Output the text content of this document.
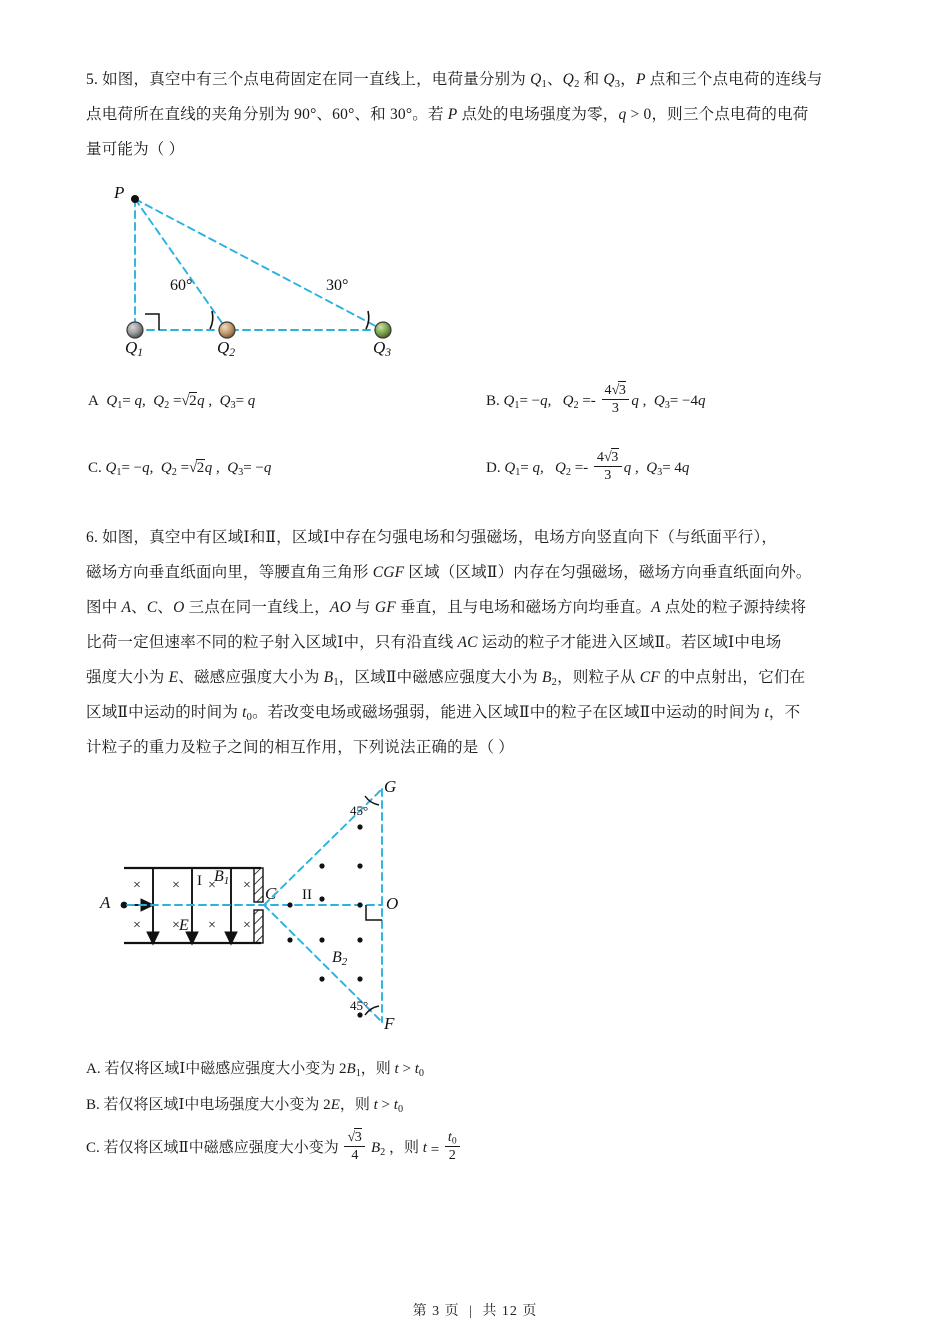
5. 如图，真空中有三个点电荷固定在同一直线上，电荷量分别为 $Q_1$、$Q_2$ 和 $Q_3$，P 点和三个点电荷的连线与
点电荷所在直线的夹角分别为 90°、60°、和 30°。若 P 点处的电场强度为零，q > 0，则三个点电荷的电荷
量可能为（ ）
P
60°	30°
$Q_1$	$Q_2$	$Q_3$
A  $Q_1= q$,  $Q_2 =√2q$ ,  $Q_3= q$	B. $Q_1= -q$,   $Q_2 =- \frac{4√3}{3}$ q ,  $Q_3= -4q$
C. $Q_1= -q$,  $Q_2 =√2q$ ,  $Q_3= -q$	D. $Q_1= q$,   $Q_2 =- \frac{4√3}{3}$ q ,  $Q_3= 4q$
6. 如图，真空中有区域Ⅰ和Ⅱ，区域Ⅰ中存在匀强电场和匀强磁场，电场方向竖直向下（与纸面平行），
磁场方向垂直纸面向里，等腰直角三角形 CGF 区域（区域Ⅱ）内存在匀强磁场，磁场方向垂直纸面向外。
图中 A、C、O 三点在同一直线上，AO 与 GF 垂直，且与电场和磁场方向均垂直。A 点处的粒子源持续将
比荷一定但速率不同的粒子射入区域Ⅰ中，只有沿直线 AC 运动的粒子才能进入区域Ⅱ。若区域Ⅰ中电场
强度大小为 E、磁感应强度大小为 $B_1$，区域Ⅱ中磁感应强度大小为 $B_2$，则粒子从 CF 的中点射出，它们在
区域Ⅱ中运动的时间为 $t_0$。若改变电场或磁场强弱，能进入区域Ⅱ中的粒子在区域Ⅱ中运动的时间为 t，不
计粒子的重力及粒子之间的相互作用，下列说法正确的是（ ）
× × × ×
× × × ×
A
I $B_1$
E
C II
G
O
F
45°
45°
$B_2$
A. 若仅将区域Ⅰ中磁感应强度大小变为 $2B_1$，则 $t > t_0$
B. 若仅将区域Ⅰ中电场强度大小变为 2E，则 $t > t_0$
C. 若仅将区域Ⅱ中磁感应强度大小变为 $\frac{√3}{4} B_2$ ，则 $t = \frac{t_0}{2}$
第 3 页 | 共 12 页
